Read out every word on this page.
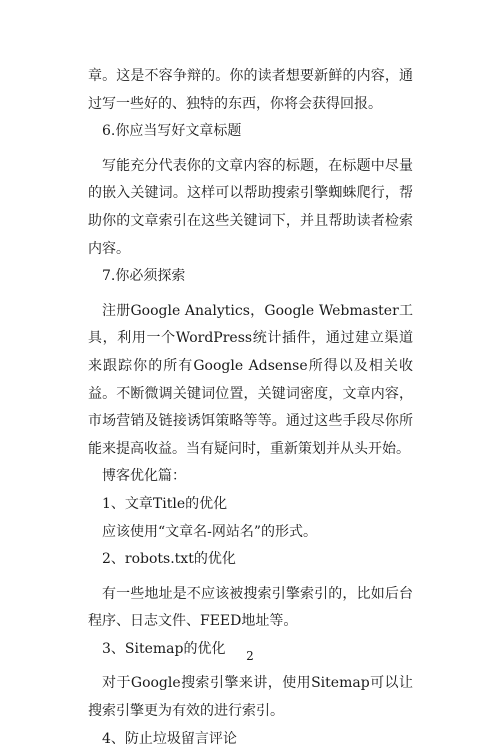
章。这是不容争辩的。你的读者想要新鲜的内容，通过写一些好的、独特的东西，你将会获得回报。

6.你应当写好文章标题

写能充分代表你的文章内容的标题，在标题中尽量的嵌入关键词。这样可以帮助搜索引擎蜘蛛爬行，帮助你的文章索引在这些关键词下，并且帮助读者检索内容。

7.你必须探索

注册Google Analytics，Google Webmaster工具，利用一个WordPress统计插件，通过建立渠道来跟踪你的所有Google Adsense所得以及相关收益。不断微调关键词位置，关键词密度，文章内容，市场营销及链接诱饵策略等等。通过这些手段尽你所能来提高收益。当有疑问时，重新策划并从头开始。

博客优化篇：

1、文章Title的优化

应该使用“文章名-网站名”的形式。

2、robots.txt的优化

有一些地址是不应该被搜索引擎索引的，比如后台程序、日志文件、FEED地址等。

3、Sitemap的优化

对于Google搜索引擎来讲，使用Sitemap可以让搜索引擎更为有效的进行索引。

4、防止垃圾留言评论

2
